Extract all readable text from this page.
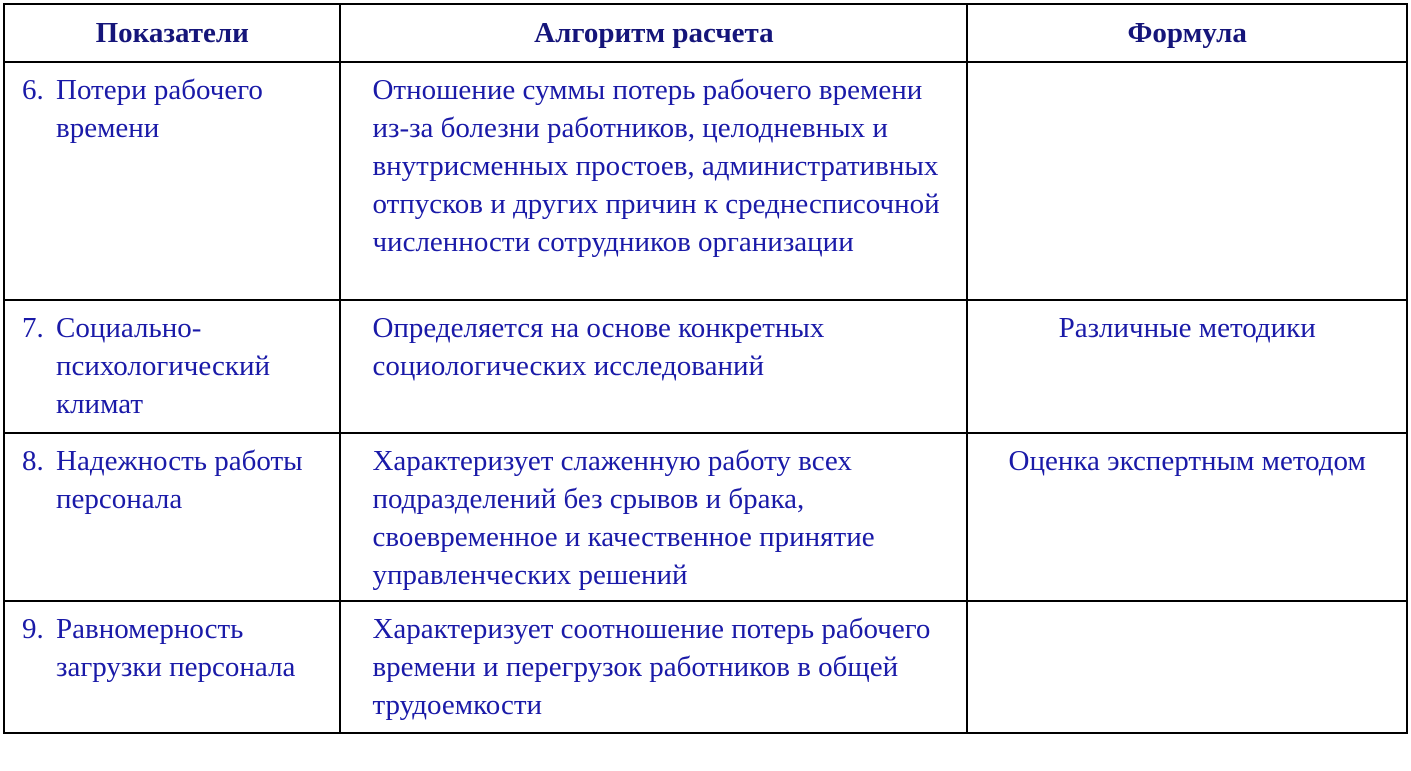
Показатели	Алгоритм расчета	Формула

6. Потери рабочего времени	Отношение суммы потерь рабочего времени из-за болезни работников, целодневных и внутрисменных простоев, административных отпусков и других причин к среднесписочной численности сотрудников организации	

7. Социально-психологический климат	Определяется на основе конкретных социологических исследований	Различные методики

8. Надежность работы персонала	Характеризует слаженную работу всех подразделений без срывов и брака, своевременное и качественное принятие управленческих решений	Оценка экспертным методом

9. Равномерность загрузки персонала	Характеризует соотношение потерь рабочего времени и перегрузок работников в общей трудоемкости	
